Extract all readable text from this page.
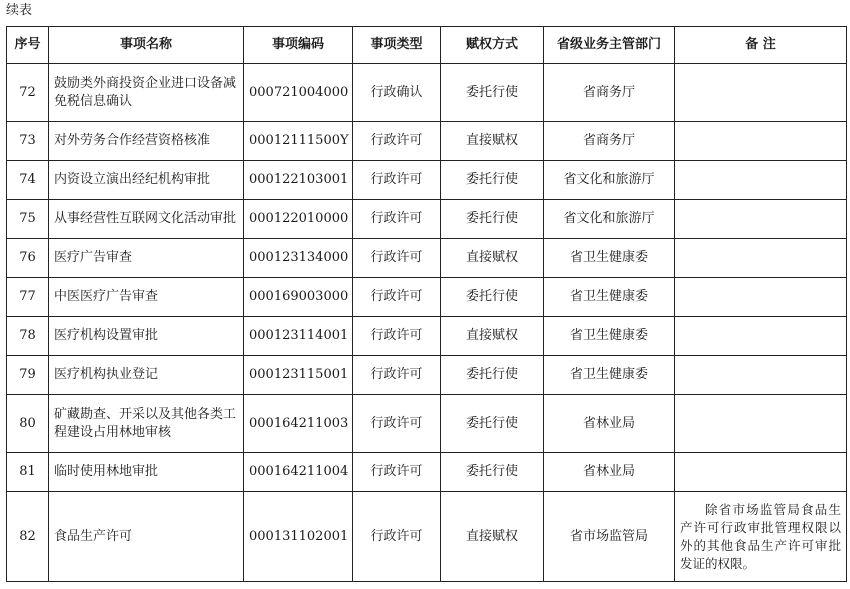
续表
序号	事项名称	事项编码	事项类型	赋权方式	省级业务主管部门	备 注
72	鼓励类外商投资企业进口设备减免税信息确认	000721004000	行政确认	委托行使	省商务厅	

73	对外劳务合作经营资格核准	00012111500Y	行政许可	直接赋权	省商务厅	

74	内资设立演出经纪机构审批	000122103001	行政许可	委托行使	省文化和旅游厅	

75	从事经营性互联网文化活动审批	000122010000	行政许可	委托行使	省文化和旅游厅	

76	医疗广告审查	000123134000	行政许可	直接赋权	省卫生健康委	

77	中医医疗广告审查	000169003000	行政许可	委托行使	省卫生健康委	

78	医疗机构设置审批	000123114001	行政许可	直接赋权	省卫生健康委	

79	医疗机构执业登记	000123115001	行政许可	委托行使	省卫生健康委	

80	矿藏勘查、开采以及其他各类工程建设占用林地审核	000164211003	行政许可	委托行使	省林业局	

81	临时使用林地审批	000164211004	行政许可	委托行使	省林业局	

82	食品生产许可	000131102001	行政许可	直接赋权	省市场监管局	除省市场监管局食品生产许可行政审批管理权限以外的其他食品生产许可审批发证的权限。
